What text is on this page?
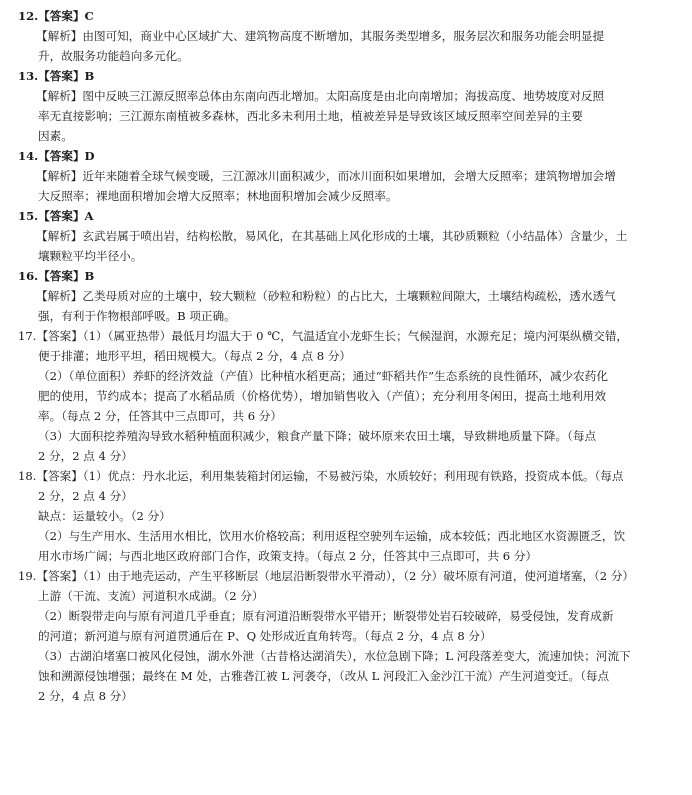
12.【答案】C
【解析】由图可知，商业中心区域扩大、建筑物高度不断增加，其服务类型增多，服务层次和服务功能会明显提
升，故服务功能趋向多元化。
13.【答案】B
【解析】图中反映三江源反照率总体由东南向西北增加。太阳高度是由北向南增加；海拔高度、地势坡度对反照
率无直接影响；三江源东南植被多森林，西北多未利用土地，植被差异是导致该区域反照率空间差异的主要
因素。
14.【答案】D
【解析】近年来随着全球气候变暖，三江源冰川面积减少，而冰川面积如果增加，会增大反照率；建筑物增加会增
大反照率；裸地面积增加会增大反照率；林地面积增加会减少反照率。
15.【答案】A
【解析】玄武岩属于喷出岩，结构松散，易风化，在其基础上风化形成的土壤，其砂质颗粒（小结晶体）含量少，土
壤颗粒平均半径小。
16.【答案】B
【解析】乙类母质对应的土壤中，较大颗粒（砂粒和粉粒）的占比大，土壤颗粒间隙大，土壤结构疏松，透水透气
强，有利于作物根部呼吸。B 项正确。
17.【答案】（1）（属亚热带）最低月均温大于 0 ℃，气温适宜小龙虾生长；气候湿润，水源充足；境内河渠纵横交错，
便于排灌；地形平坦，稻田规模大。（每点 2 分，4 点 8 分）
（2）（单位面积）养虾的经济效益（产值）比种植水稻更高；通过“虾稻共作”生态系统的良性循环，减少农药化
肥的使用，节约成本；提高了水稻品质（价格优势），增加销售收入（产值）；充分利用冬闲田，提高土地利用效
率。（每点 2 分，任答其中三点即可，共 6 分）
（3）大面积挖养殖沟导致水稻种植面积减少，粮食产量下降；破坏原来农田土壤，导致耕地质量下降。（每点
2 分，2 点 4 分）
18.【答案】（1）优点：丹水北运，利用集装箱封闭运输，不易被污染，水质较好；利用现有铁路，投资成本低。（每点
2 分，2 点 4 分）
缺点：运量较小。（2 分）
（2）与生产用水、生活用水相比，饮用水价格较高；利用返程空驶列车运输，成本较低；西北地区水资源匮乏，饮
用水市场广阔；与西北地区政府部门合作，政策支持。（每点 2 分，任答其中三点即可，共 6 分）
19.【答案】（1）由于地壳运动，产生平移断层（地层沿断裂带水平滑动），（2 分）破坏原有河道，使河道堵塞，（2 分）
上游（干流、支流）河道积水成湖。（2 分）
（2）断裂带走向与原有河道几乎垂直；原有河道沿断裂带水平错开；断裂带处岩石较破碎，易受侵蚀，发育成新
的河道；新河道与原有河道贯通后在 P、Q 处形成近直角转弯。（每点 2 分，4 点 8 分）
（3）古湖泊堵塞口被风化侵蚀，湖水外泄（古昔格达湖消失），水位急剧下降；L 河段落差变大，流速加快；河流下
蚀和溯源侵蚀增强；最终在 M 处，古雅砻江被 L 河袭夺，（改从 L 河段汇入金沙江干流）产生河道变迁。（每点
2 分，4 点 8 分）
